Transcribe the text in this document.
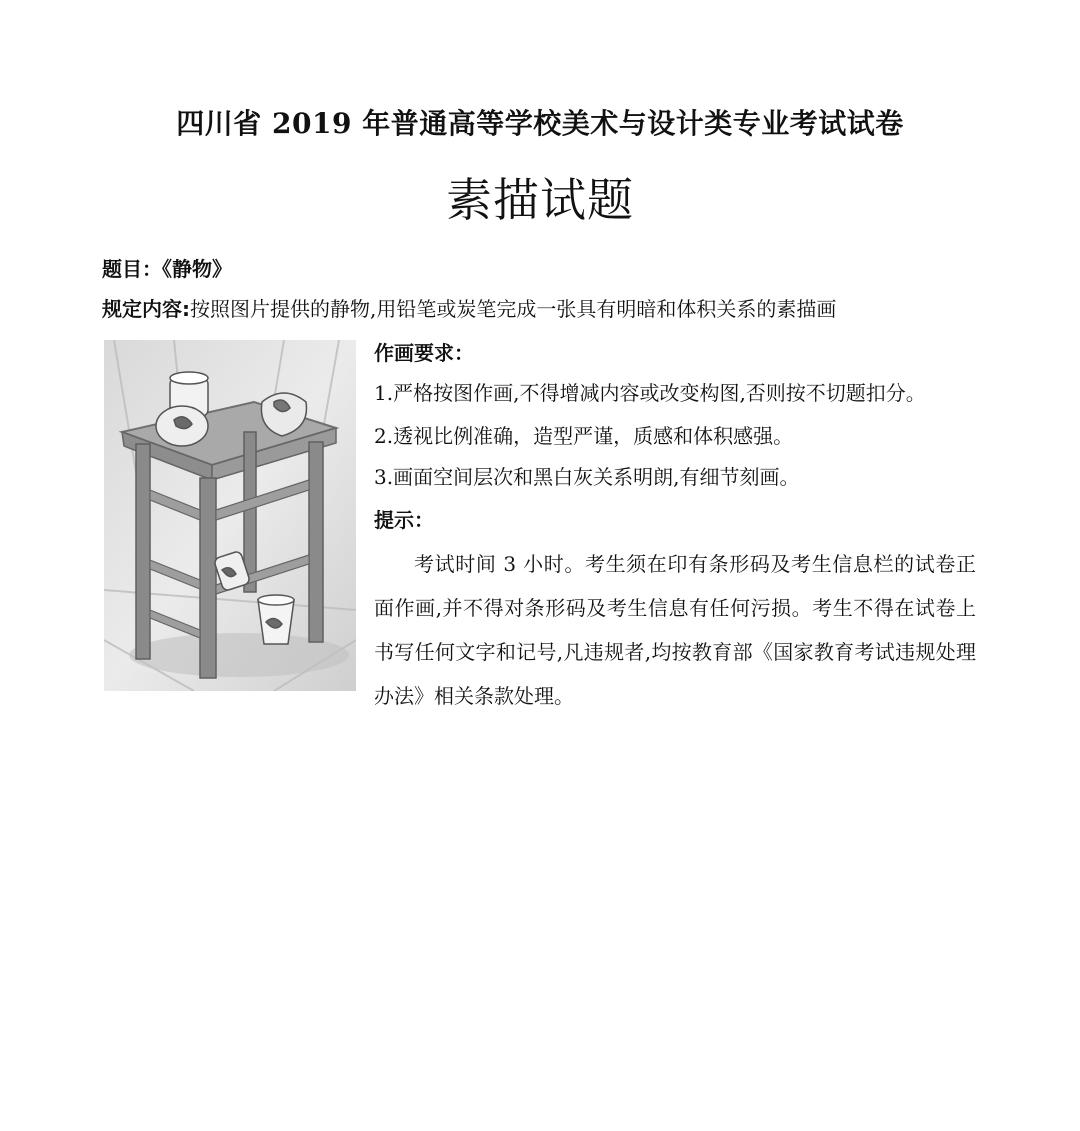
四川省 2019 年普通高等学校美术与设计类专业考试试卷
素描试题
题目：《静物》
规定内容:按照图片提供的静物,用铅笔或炭笔完成一张具有明暗和体积关系的素描画
作画要求：
1.严格按图作画,不得增减内容或改变构图,否则按不切题扣分。
2.透视比例准确，造型严谨，质感和体积感强。
3.画面空间层次和黑白灰关系明朗,有细节刻画。
提示：
考试时间 3 小时。考生须在印有条形码及考生信息栏的试卷正面作画,并不得对条形码及考生信息有任何污损。考生不得在试卷上书写任何文字和记号,凡违规者,均按教育部《国家教育考试违规处理办法》相关条款处理。
